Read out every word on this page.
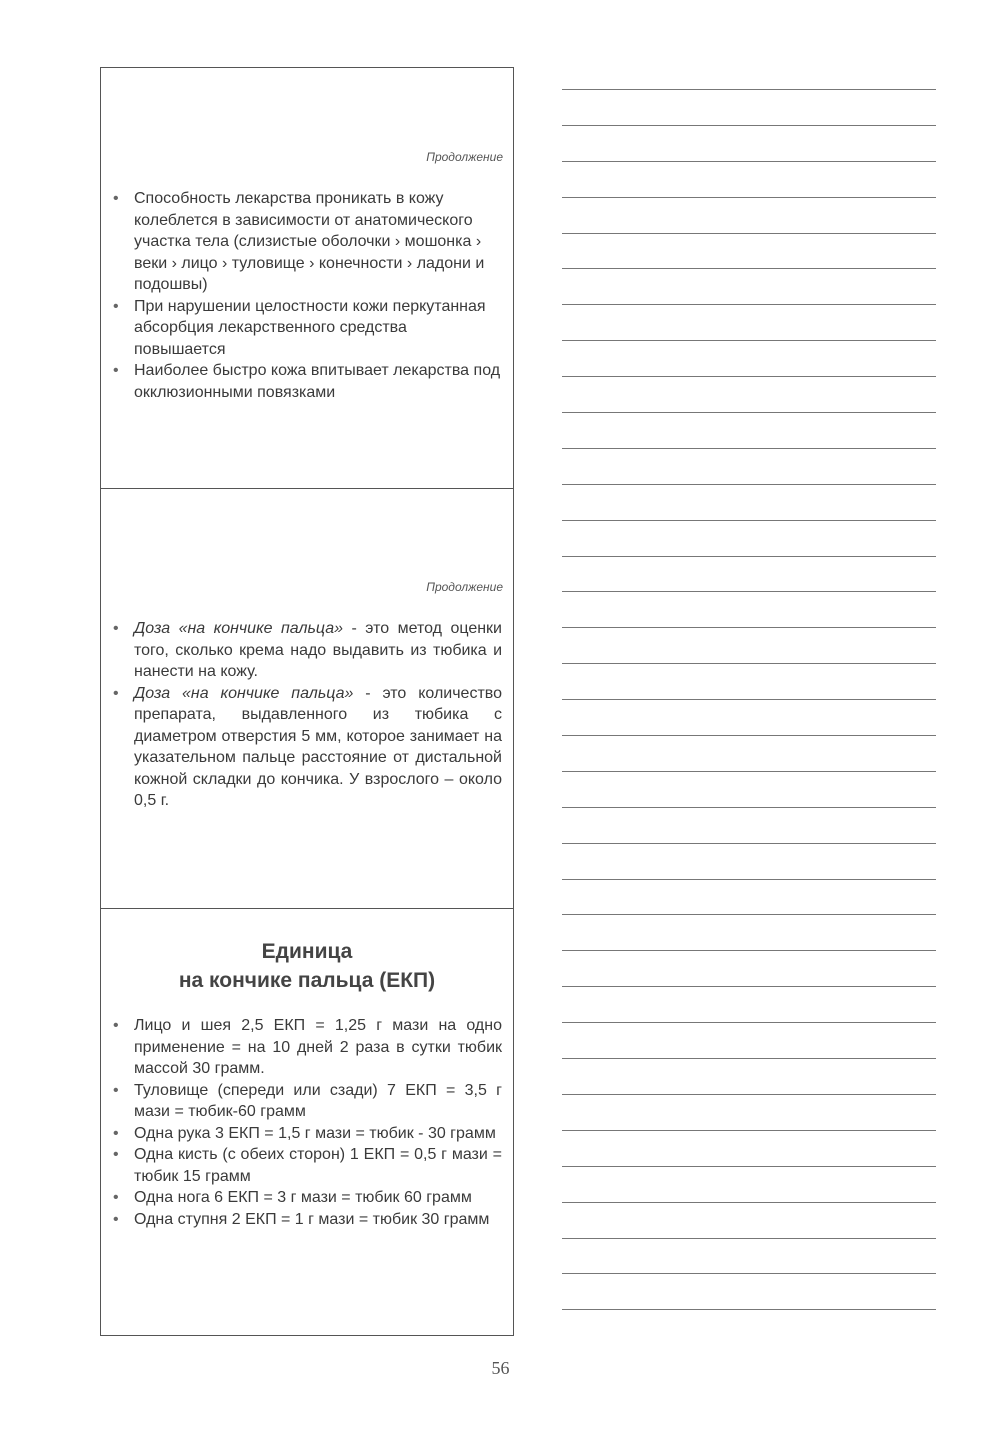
Продолжение
• Способность лекарства проникать в кожу колеблется в зависимости от анатомического участка тела (слизистые оболочки › мошонка › веки › лицо › туловище › конечности › ладони и подошвы)
• При нарушении целостности кожи перкутанная абсорбция лекарственного средства повышается
• Наиболее быстро кожа впитывает лекарства под окклюзионными повязками
Продолжение
• Доза «на кончике пальца» - это метод оценки того, сколько крема надо выдавить из тюбика и нанести на кожу.
• Доза «на кончике пальца» - это количество препарата, выдавленного из тюбика с диаметром отверстия 5 мм, которое занимает на указательном пальце расстояние от дистальной кожной складки до кончика. У взрослого – около 0,5 г.
Единица
на кончике пальца (ЕКП)
• Лицо и шея 2,5 ЕКП = 1,25 г мази на одно применение = на 10 дней 2 раза в сутки тюбик массой 30 грамм.
• Туловище (спереди или сзади) 7 ЕКП = 3,5 г мази = тюбик-60 грамм
• Одна рука 3 ЕКП = 1,5 г мази = тюбик - 30 грамм
• Одна кисть (с обеих сторон) 1 ЕКП = 0,5 г мази = тюбик 15 грамм
• Одна нога 6 ЕКП = 3 г мази = тюбик 60 грамм
• Одна ступня 2 ЕКП = 1 г мази = тюбик 30 грамм
56
